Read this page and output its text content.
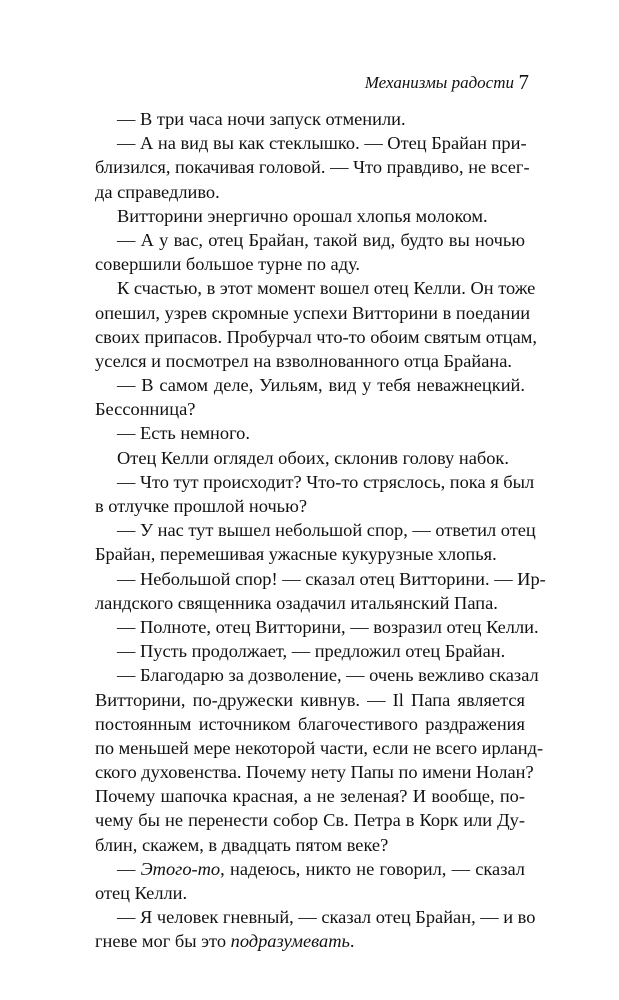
Механизмы радости 7
— В три часа ночи запуск отменили.
— А на вид вы как стеклышко. — Отец Брайан при-
близился, покачивая головой. — Что правдиво, не всег-
да справедливо.
Витторини энергично орошал хлопья молоком.
— А у вас, отец Брайан, такой вид, будто вы ночью
совершили большое турне по аду.
К счастью, в этот момент вошел отец Келли. Он тоже
опешил, узрев скромные успехи Витторини в поедании
своих припасов. Пробурчал что-то обоим святым отцам,
уселся и посмотрел на взволнованного отца Брайана.
— В самом деле, Уильям, вид у тебя неважнецкий.
Бессонница?
— Есть немного.
Отец Келли оглядел обоих, склонив голову набок.
— Что тут происходит? Что-то стряслось, пока я был
в отлучке прошлой ночью?
— У нас тут вышел небольшой спор, — ответил отец
Брайан, перемешивая ужасные кукурузные хлопья.
— Небольшой спор! — сказал отец Витторини. — Ир-
ландского священника озадачил итальянский Папа.
— Полноте, отец Витторини, — возразил отец Келли.
— Пусть продолжает, — предложил отец Брайан.
— Благодарю за дозволение, — очень вежливо сказал
Витторини, по-дружески кивнув. — Il Папа является
постоянным источником благочестивого раздражения
по меньшей мере некоторой части, если не всего ирланд-
ского духовенства. Почему нету Папы по имени Нолан?
Почему шапочка красная, а не зеленая? И вообще, по-
чему бы не перенести собор Св. Петра в Корк или Ду-
блин, скажем, в двадцать пятом веке?
— Этого-то, надеюсь, никто не говорил, — сказал
отец Келли.
— Я человек гневный, — сказал отец Брайан, — и во
гневе мог бы это подразумевать.
